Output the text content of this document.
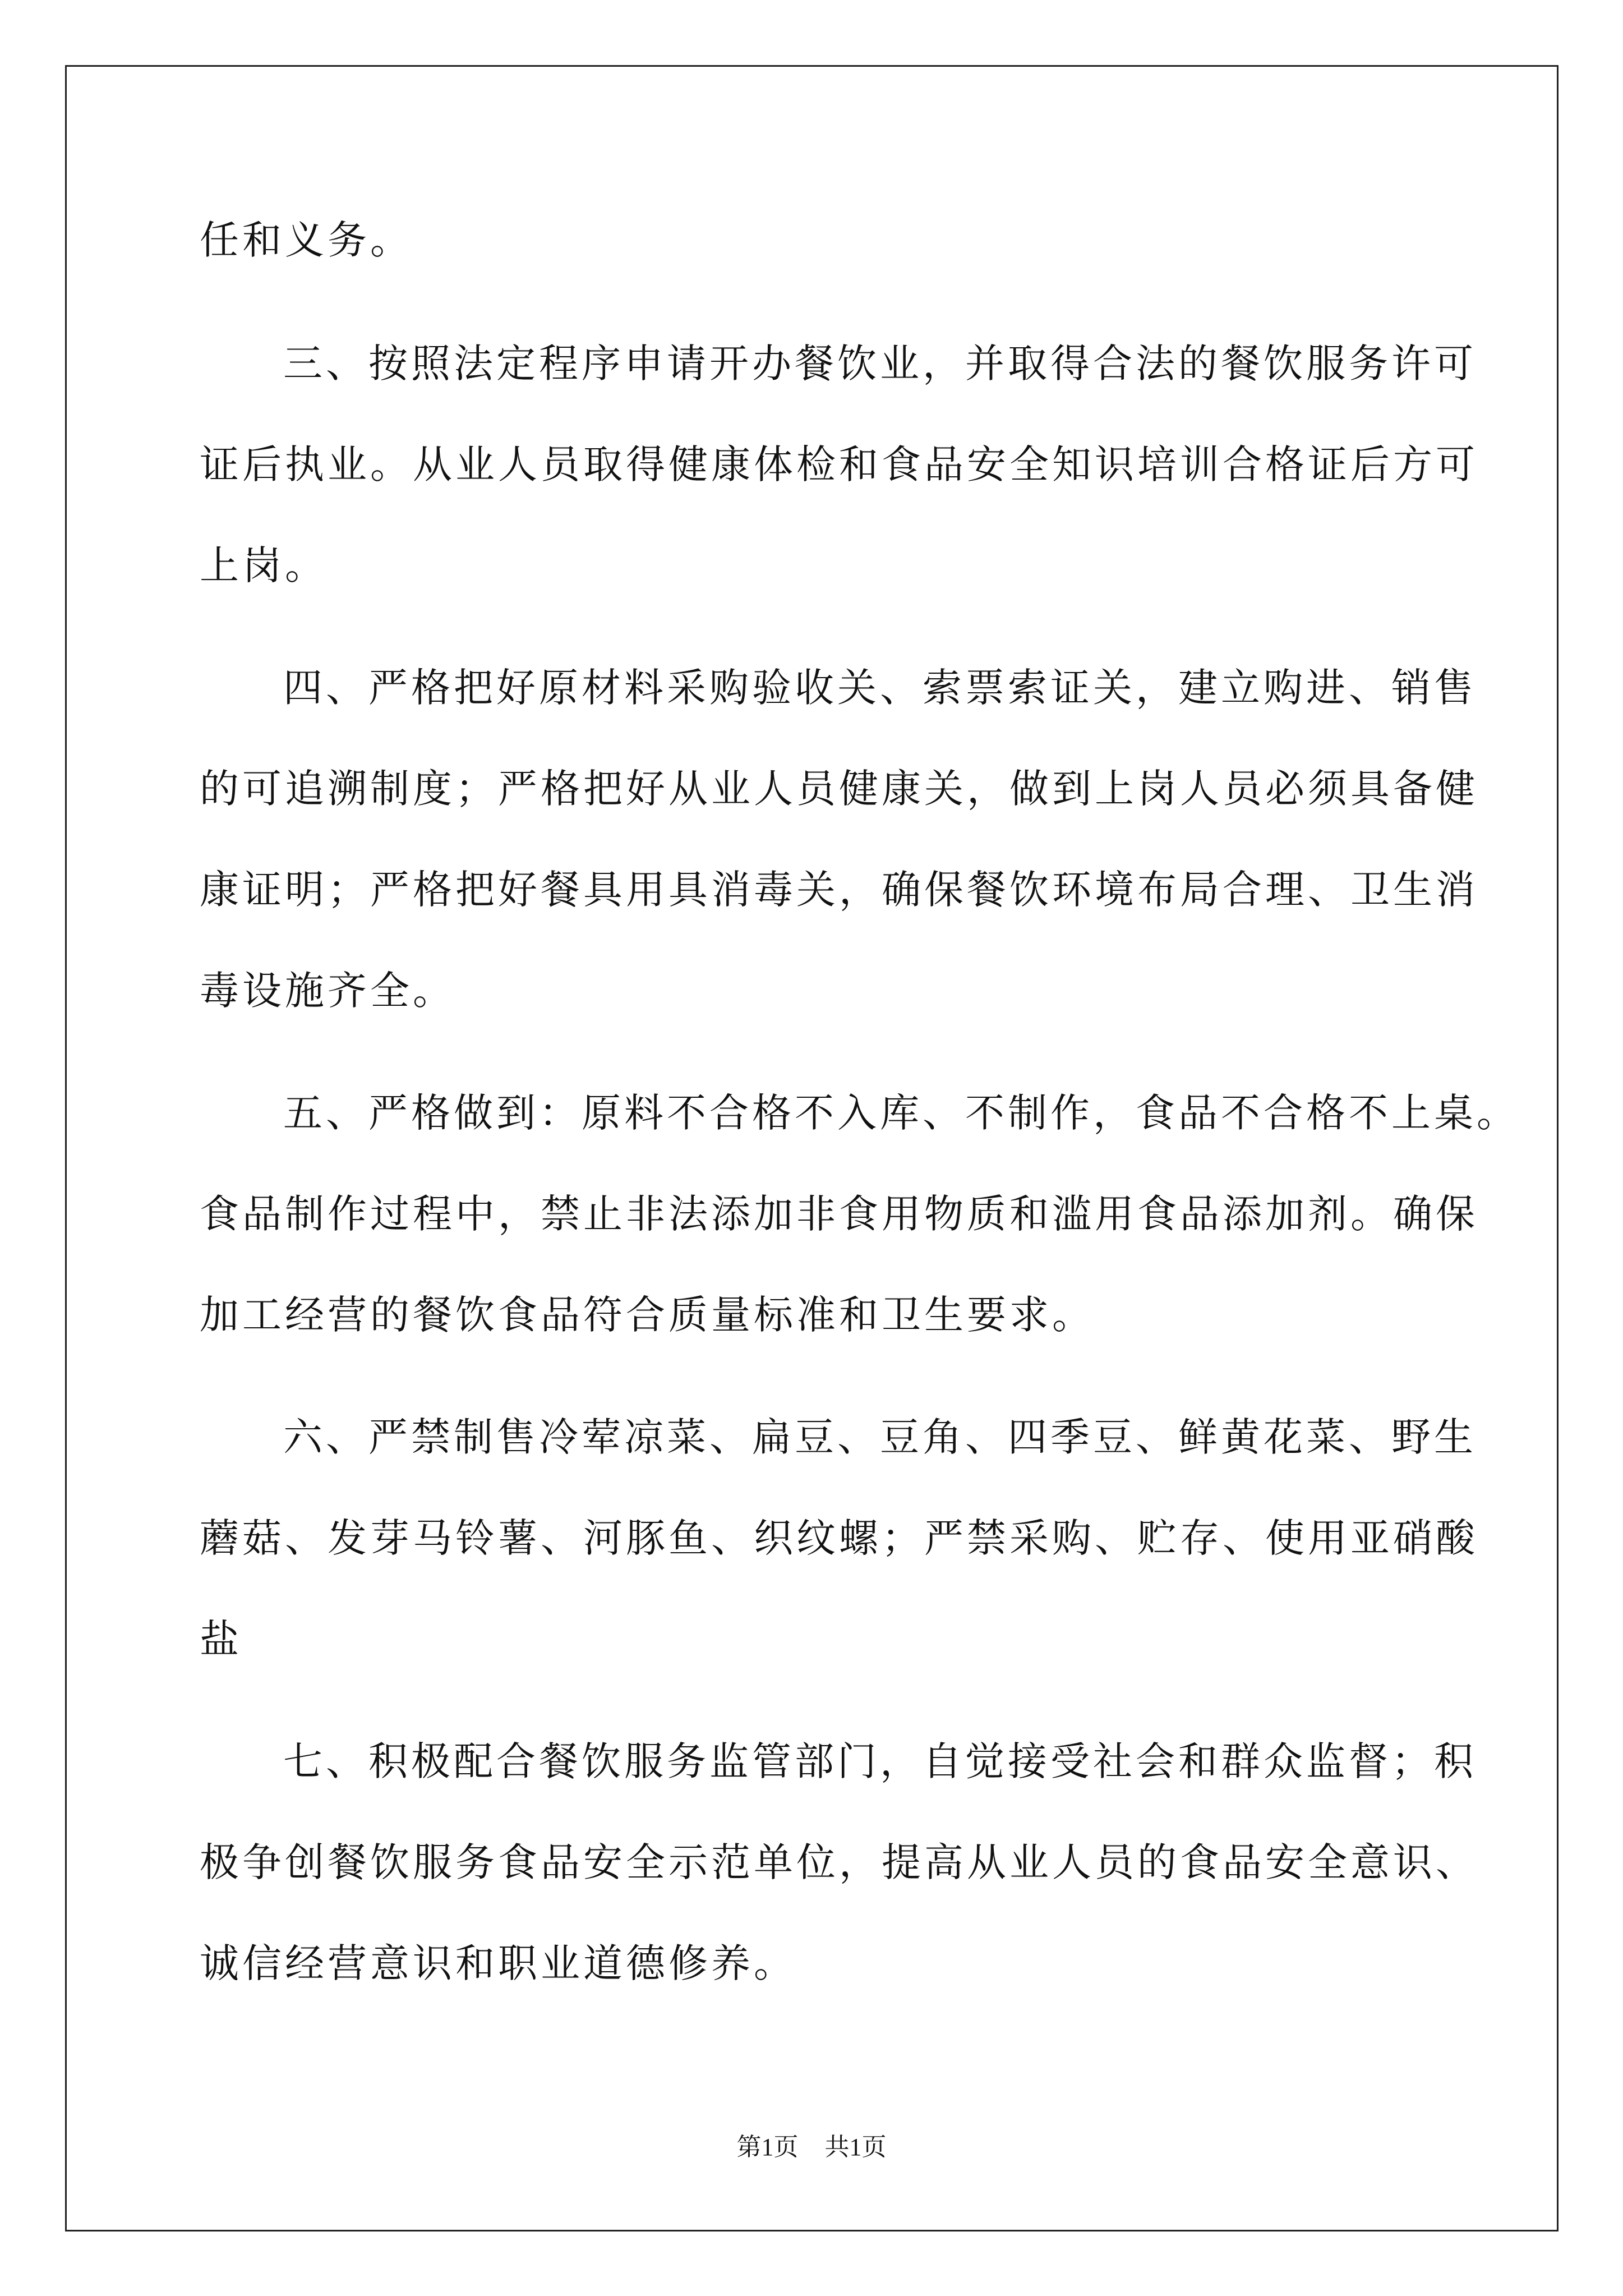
任和义务。

三、按照法定程序申请开办餐饮业，并取得合法的餐饮服务许可

证后执业。从业人员取得健康体检和食品安全知识培训合格证后方可

上岗。

四、严格把好原材料采购验收关、索票索证关，建立购进、销售

的可追溯制度；严格把好从业人员健康关，做到上岗人员必须具备健

康证明；严格把好餐具用具消毒关，确保餐饮环境布局合理、卫生消

毒设施齐全。

五、严格做到：原料不合格不入库、不制作，食品不合格不上桌。

食品制作过程中，禁止非法添加非食用物质和滥用食品添加剂。确保

加工经营的餐饮食品符合质量标准和卫生要求。

六、严禁制售冷荤凉菜、扁豆、豆角、四季豆、鲜黄花菜、野生

蘑菇、发芽马铃薯、河豚鱼、织纹螺；严禁采购、贮存、使用亚硝酸

盐

七、积极配合餐饮服务监管部门，自觉接受社会和群众监督；积

极争创餐饮服务食品安全示范单位，提高从业人员的食品安全意识、

诚信经营意识和职业道德修养。

第1页 共1页
